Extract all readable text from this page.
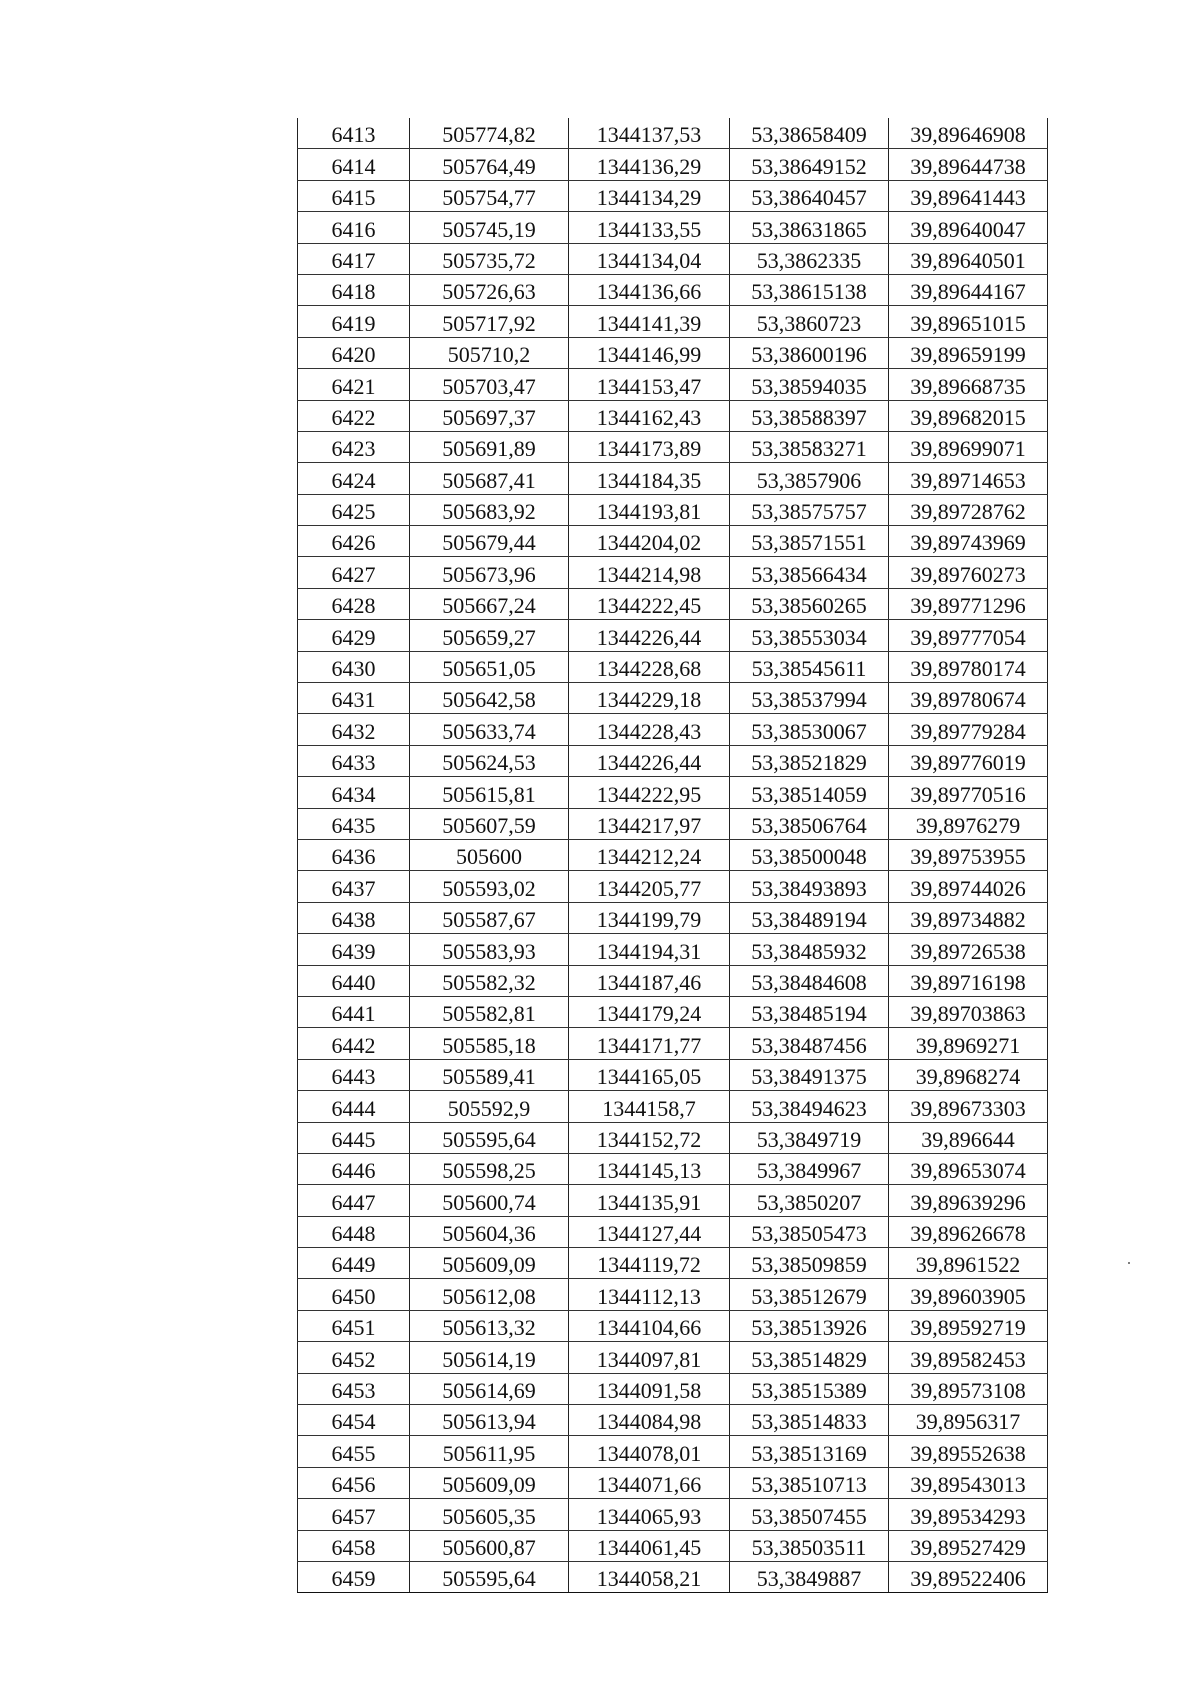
6413	505774,82	1344137,53	53,38658409	39,89646908
6414	505764,49	1344136,29	53,38649152	39,89644738
6415	505754,77	1344134,29	53,38640457	39,89641443
6416	505745,19	1344133,55	53,38631865	39,89640047
6417	505735,72	1344134,04	53,3862335	39,89640501
6418	505726,63	1344136,66	53,38615138	39,89644167
6419	505717,92	1344141,39	53,3860723	39,89651015
6420	505710,2	1344146,99	53,38600196	39,89659199
6421	505703,47	1344153,47	53,38594035	39,89668735
6422	505697,37	1344162,43	53,38588397	39,89682015
6423	505691,89	1344173,89	53,38583271	39,89699071
6424	505687,41	1344184,35	53,3857906	39,89714653
6425	505683,92	1344193,81	53,38575757	39,89728762
6426	505679,44	1344204,02	53,38571551	39,89743969
6427	505673,96	1344214,98	53,38566434	39,89760273
6428	505667,24	1344222,45	53,38560265	39,89771296
6429	505659,27	1344226,44	53,38553034	39,89777054
6430	505651,05	1344228,68	53,38545611	39,89780174
6431	505642,58	1344229,18	53,38537994	39,89780674
6432	505633,74	1344228,43	53,38530067	39,89779284
6433	505624,53	1344226,44	53,38521829	39,89776019
6434	505615,81	1344222,95	53,38514059	39,89770516
6435	505607,59	1344217,97	53,38506764	39,8976279
6436	505600	1344212,24	53,38500048	39,89753955
6437	505593,02	1344205,77	53,38493893	39,89744026
6438	505587,67	1344199,79	53,38489194	39,89734882
6439	505583,93	1344194,31	53,38485932	39,89726538
6440	505582,32	1344187,46	53,38484608	39,89716198
6441	505582,81	1344179,24	53,38485194	39,89703863
6442	505585,18	1344171,77	53,38487456	39,8969271
6443	505589,41	1344165,05	53,38491375	39,8968274
6444	505592,9	1344158,7	53,38494623	39,89673303
6445	505595,64	1344152,72	53,3849719	39,896644
6446	505598,25	1344145,13	53,3849967	39,89653074
6447	505600,74	1344135,91	53,3850207	39,89639296
6448	505604,36	1344127,44	53,38505473	39,89626678
6449	505609,09	1344119,72	53,38509859	39,8961522
6450	505612,08	1344112,13	53,38512679	39,89603905
6451	505613,32	1344104,66	53,38513926	39,89592719
6452	505614,19	1344097,81	53,38514829	39,89582453
6453	505614,69	1344091,58	53,38515389	39,89573108
6454	505613,94	1344084,98	53,38514833	39,8956317
6455	505611,95	1344078,01	53,38513169	39,89552638
6456	505609,09	1344071,66	53,38510713	39,89543013
6457	505605,35	1344065,93	53,38507455	39,89534293
6458	505600,87	1344061,45	53,38503511	39,89527429
6459	505595,64	1344058,21	53,3849887	39,89522406
